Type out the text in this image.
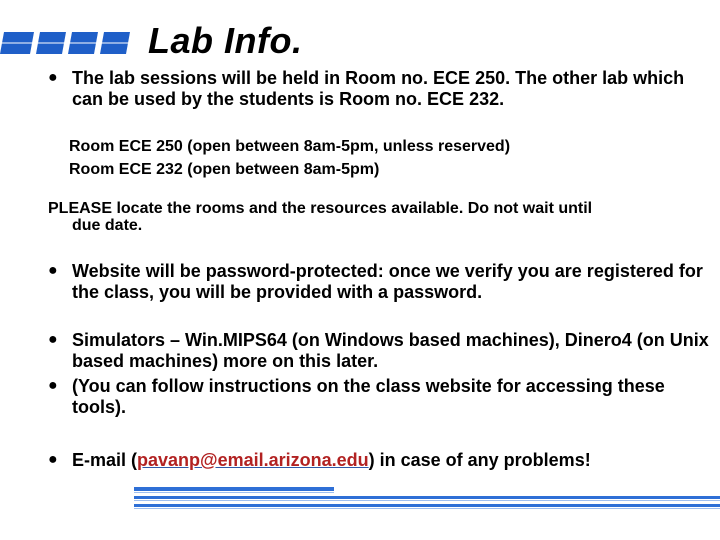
Lab Info.
● The lab sessions will be held in Room no. ECE 250. The other lab which can be used by the students is Room no. ECE 232.
Room ECE 250 (open between 8am-5pm, unless reserved)
Room ECE 232 (open between 8am-5pm)
PLEASE locate the rooms and the resources available. Do not wait until
due date.
● Website will be password-protected: once we verify you are registered for the class, you will be provided with a password.
● Simulators – Win.MIPS64 (on Windows based machines), Dinero4 (on Unix based machines) more on this later.
● (You can follow instructions on the class website for accessing these tools).
● E-mail (pavanp@email.arizona.edu) in case of any problems!
